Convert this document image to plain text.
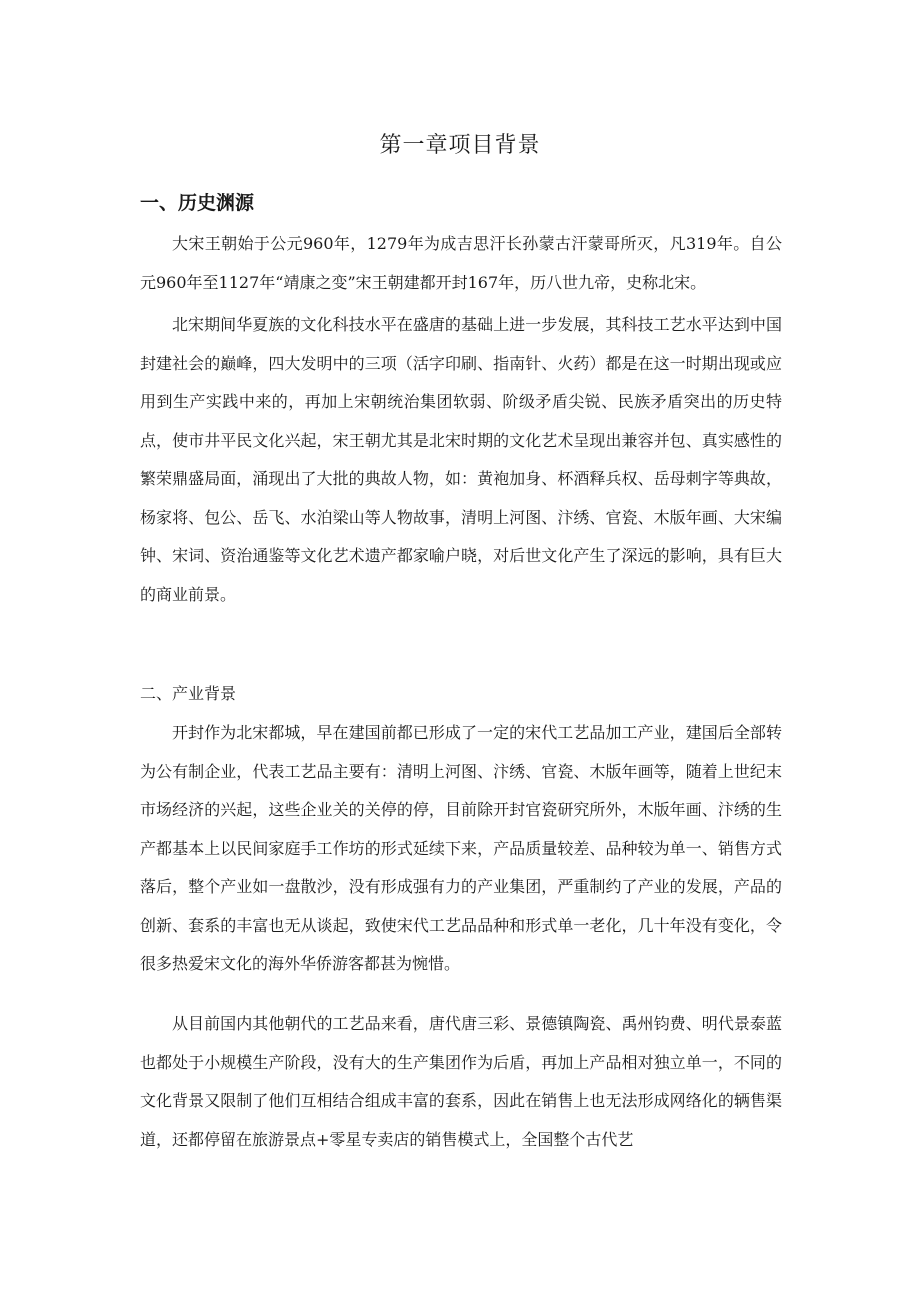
第一章项目背景
一、历史渊源

大宋王朝始于公元960年，1279年为成吉思汗长孙蒙古汗蒙哥所灭，凡319年。自公元960年至1127年“靖康之变”宋王朝建都开封167年，历八世九帝，史称北宋。

北宋期间华夏族的文化科技水平在盛唐的基础上进一步发展，其科技工艺水平达到中国封建社会的巅峰，四大发明中的三项（活字印刷、指南针、火药）都是在这一时期出现或应用到生产实践中来的，再加上宋朝统治集团软弱、阶级矛盾尖锐、民族矛盾突出的历史特点，使市井平民文化兴起，宋王朝尤其是北宋时期的文化艺术呈现出兼容并包、真实感性的繁荣鼎盛局面，涌现出了大批的典故人物，如：黄袍加身、杯酒释兵权、岳母刺字等典故，杨家将、包公、岳飞、水泊梁山等人物故事，清明上河图、汴绣、官瓷、木版年画、大宋编钟、宋词、资治通鉴等文化艺术遗产都家喻户晓，对后世文化产生了深远的影响，具有巨大的商业前景。

二、产业背景

开封作为北宋都城，早在建国前都已形成了一定的宋代工艺品加工产业，建国后全部转为公有制企业，代表工艺品主要有：清明上河图、汴绣、官瓷、木版年画等，随着上世纪末市场经济的兴起，这些企业关的关停的停，目前除开封官瓷研究所外，木版年画、汴绣的生产都基本上以民间家庭手工作坊的形式延续下来，产品质量较差、品种较为单一、销售方式落后，整个产业如一盘散沙，没有形成强有力的产业集团，严重制约了产业的发展，产品的创新、套系的丰富也无从谈起，致使宋代工艺品品种和形式单一老化，几十年没有变化，令很多热爱宋文化的海外华侨游客都甚为惋惜。

从目前国内其他朝代的工艺品来看，唐代唐三彩、景德镇陶瓷、禹州钧费、明代景泰蓝也都处于小规模生产阶段，没有大的生产集团作为后盾，再加上产品相对独立单一，不同的文化背景又限制了他们互相结合组成丰富的套系，因此在销售上也无法形成网络化的辆售渠道，还都停留在旅游景点+零星专卖店的销售模式上，全国整个古代艺
